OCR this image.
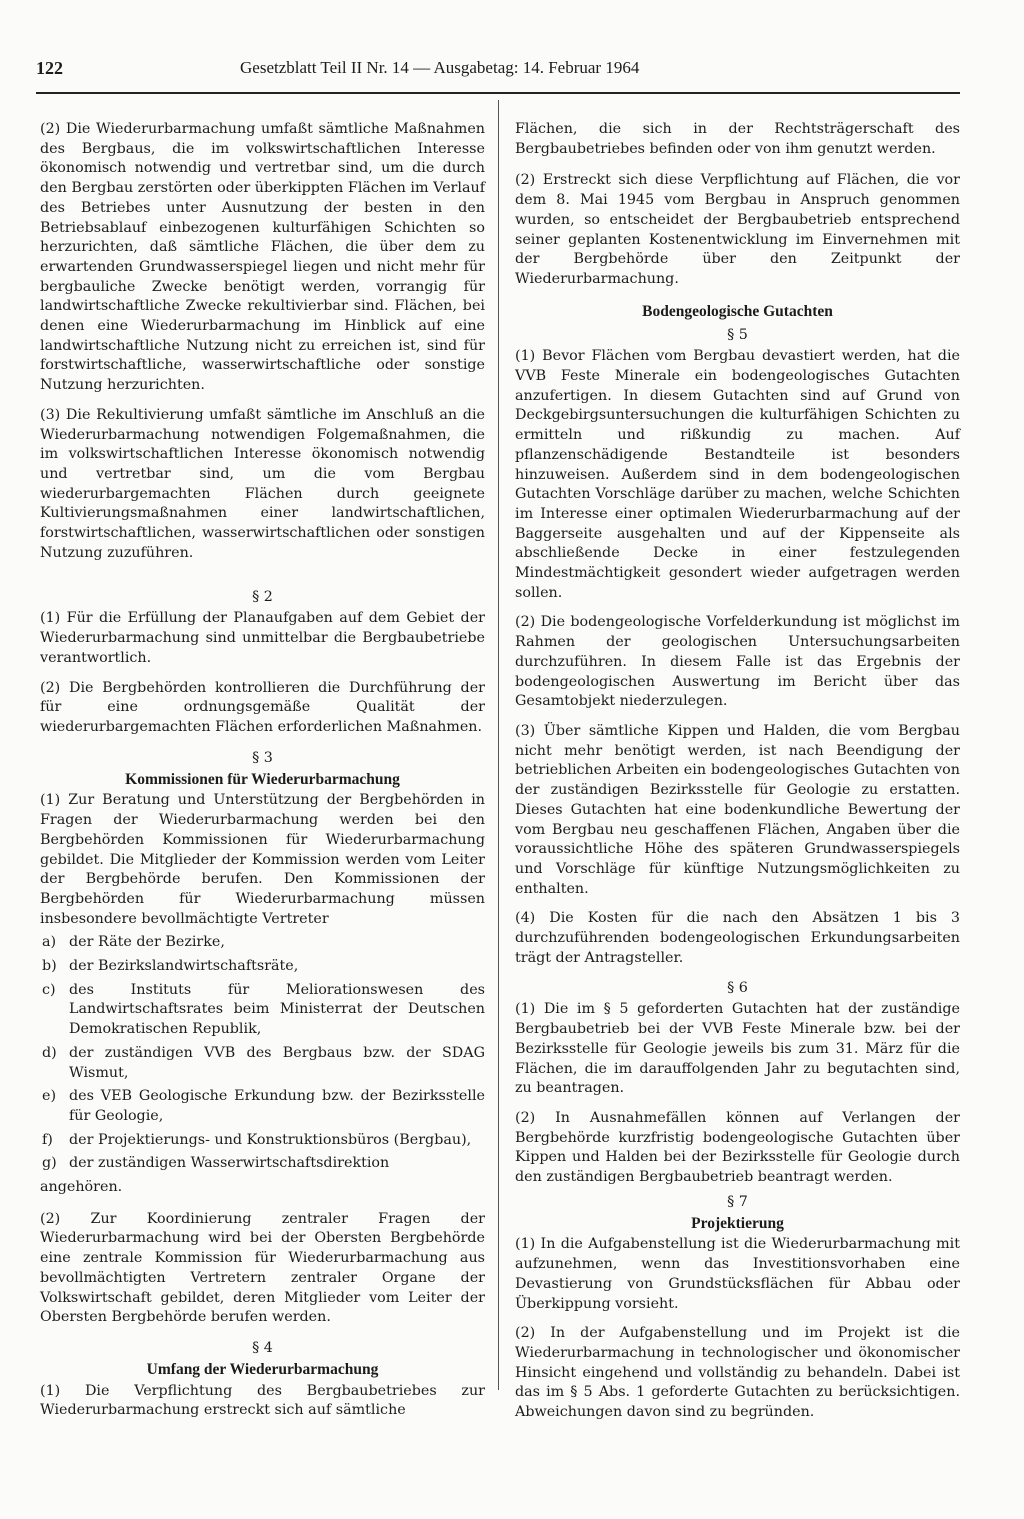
122	Gesetzblatt Teil II Nr. 14 — Ausgabetag: 14. Februar 1964

(2) Die Wiederurbarmachung umfaßt sämtliche Maßnahmen des Bergbaus, die im volkswirtschaftlichen Interesse ökonomisch notwendig und vertretbar sind, um die durch den Bergbau zerstörten oder überkippten Flächen im Verlauf des Betriebes unter Ausnutzung der besten in den Betriebsablauf einbezogenen kulturfähigen Schichten so herzurichten, daß sämtliche Flächen, die über dem zu erwartenden Grundwasserspiegel liegen und nicht mehr für bergbauliche Zwecke benötigt werden, vorrangig für landwirtschaftliche Zwecke rekultivierbar sind. Flächen, bei denen eine Wiederurbarmachung im Hinblick auf eine landwirtschaftliche Nutzung nicht zu erreichen ist, sind für forstwirtschaftliche, wasserwirtschaftliche oder sonstige Nutzung herzurichten.

(3) Die Rekultivierung umfaßt sämtliche im Anschluß an die Wiederurbarmachung notwendigen Folgemaßnahmen, die im volkswirtschaftlichen Interesse ökonomisch notwendig und vertretbar sind, um die vom Bergbau wiederurbargemachten Flächen durch geeignete Kultivierungsmaßnahmen einer landwirtschaftlichen, forstwirtschaftlichen, wasserwirtschaftlichen oder sonstigen Nutzung zuzuführen.

§ 2

(1) Für die Erfüllung der Planaufgaben auf dem Gebiet der Wiederurbarmachung sind unmittelbar die Bergbaubetriebe verantwortlich.

(2) Die Bergbehörden kontrollieren die Durchführung der für eine ordnungsgemäße Qualität der wiederurbargemachten Flächen erforderlichen Maßnahmen.

§ 3
Kommissionen für Wiederurbarmachung

(1) Zur Beratung und Unterstützung der Bergbehörden in Fragen der Wiederurbarmachung werden bei den Bergbehörden Kommissionen für Wiederurbarmachung gebildet. Die Mitglieder der Kommission werden vom Leiter der Bergbehörde berufen. Den Kommissionen der Bergbehörden für Wiederurbarmachung müssen insbesondere bevollmächtigte Vertreter

a) der Räte der Bezirke,
b) der Bezirkslandwirtschaftsräte,
c) des Instituts für Meliorationswesen des Landwirtschaftsrates beim Ministerrat der Deutschen Demokratischen Republik,
d) der zuständigen VVB des Bergbaus bzw. der SDAG Wismut,
e) des VEB Geologische Erkundung bzw. der Bezirksstelle für Geologie,
f) der Projektierungs- und Konstruktionsbüros (Bergbau),
g) der zuständigen Wasserwirtschaftsdirektion
angehören.

(2) Zur Koordinierung zentraler Fragen der Wiederurbarmachung wird bei der Obersten Bergbehörde eine zentrale Kommission für Wiederurbarmachung aus bevollmächtigten Vertretern zentraler Organe der Volkswirtschaft gebildet, deren Mitglieder vom Leiter der Obersten Bergbehörde berufen werden.

§ 4
Umfang der Wiederurbarmachung

(1) Die Verpflichtung des Bergbaubetriebes zur Wiederurbarmachung erstreckt sich auf sämtliche

Flächen, die sich in der Rechtsträgerschaft des Bergbaubetriebes befinden oder von ihm genutzt werden.

(2) Erstreckt sich diese Verpflichtung auf Flächen, die vor dem 8. Mai 1945 vom Bergbau in Anspruch genommen wurden, so entscheidet der Bergbaubetrieb entsprechend seiner geplanten Kostenentwicklung im Einvernehmen mit der Bergbehörde über den Zeitpunkt der Wiederurbarmachung.

Bodengeologische Gutachten
§ 5

(1) Bevor Flächen vom Bergbau devastiert werden, hat die VVB Feste Minerale ein bodengeologisches Gutachten anzufertigen. In diesem Gutachten sind auf Grund von Deckgebirgsuntersuchungen die kulturfähigen Schichten zu ermitteln und rißkundig zu machen. Auf pflanzenschädigende Bestandteile ist besonders hinzuweisen. Außerdem sind in dem bodengeologischen Gutachten Vorschläge darüber zu machen, welche Schichten im Interesse einer optimalen Wiederurbarmachung auf der Baggerseite ausgehalten und auf der Kippenseite als abschließende Decke in einer festzulegenden Mindestmächtigkeit gesondert wieder aufgetragen werden sollen.

(2) Die bodengeologische Vorfelderkundung ist möglichst im Rahmen der geologischen Untersuchungsarbeiten durchzuführen. In diesem Falle ist das Ergebnis der bodengeologischen Auswertung im Bericht über das Gesamtobjekt niederzulegen.

(3) Über sämtliche Kippen und Halden, die vom Bergbau nicht mehr benötigt werden, ist nach Beendigung der betrieblichen Arbeiten ein bodengeologisches Gutachten von der zuständigen Bezirksstelle für Geologie zu erstatten. Dieses Gutachten hat eine bodenkundliche Bewertung der vom Bergbau neu geschaffenen Flächen, Angaben über die voraussichtliche Höhe des späteren Grundwasserspiegels und Vorschläge für künftige Nutzungsmöglichkeiten zu enthalten.

(4) Die Kosten für die nach den Absätzen 1 bis 3 durchzuführenden bodengeologischen Erkundungsarbeiten trägt der Antragsteller.

§ 6

(1) Die im § 5 geforderten Gutachten hat der zuständige Bergbaubetrieb bei der VVB Feste Minerale bzw. bei der Bezirksstelle für Geologie jeweils bis zum 31. März für die Flächen, die im darauffolgenden Jahr zu begutachten sind, zu beantragen.

(2) In Ausnahmefällen können auf Verlangen der Bergbehörde kurzfristig bodengeologische Gutachten über Kippen und Halden bei der Bezirksstelle für Geologie durch den zuständigen Bergbaubetrieb beantragt werden.

§ 7
Projektierung

(1) In die Aufgabenstellung ist die Wiederurbarmachung mit aufzunehmen, wenn das Investitionsvorhaben eine Devastierung von Grundstücksflächen für Abbau oder Überkippung vorsieht.

(2) In der Aufgabenstellung und im Projekt ist die Wiederurbarmachung in technologischer und ökonomischer Hinsicht eingehend und vollständig zu behandeln. Dabei ist das im § 5 Abs. 1 geforderte Gutachten zu berücksichtigen. Abweichungen davon sind zu begründen.
